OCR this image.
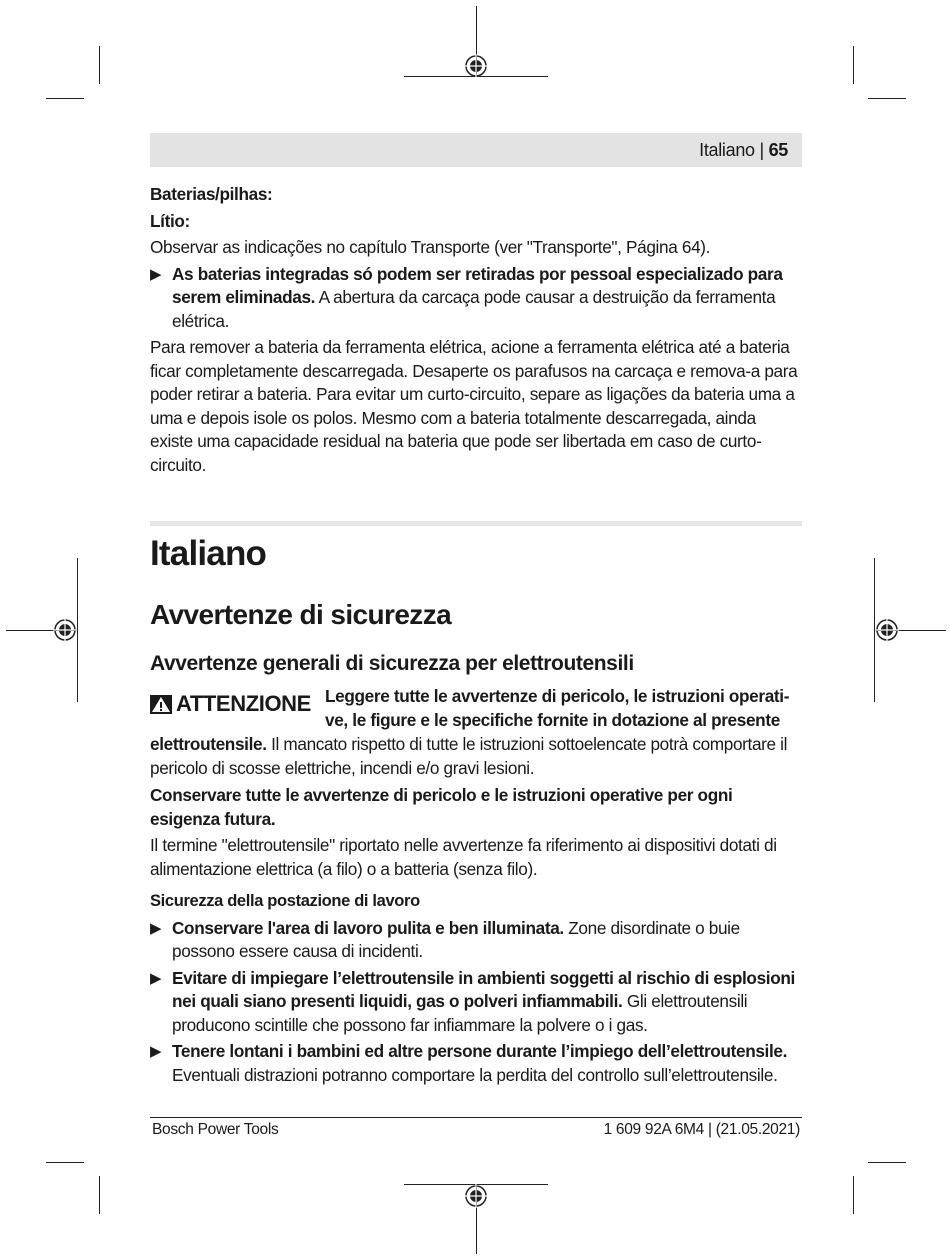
Italiano | 65

Baterias/pilhas:

Lítio:

Observar as indicações no capítulo Transporte (ver "Transporte", Página 64).

▶ As baterias integradas só podem ser retiradas por pessoal especializado para serem eliminadas. A abertura da carcaça pode causar a destruição da ferramenta elétrica.

Para remover a bateria da ferramenta elétrica, acione a ferramenta elétrica até a bateria ficar completamente descarregada. Desaperte os parafusos na carcaça e remova-a para poder retirar a bateria. Para evitar um curto-circuito, separe as ligações da bateria uma a uma e depois isole os polos. Mesmo com a bateria totalmente descarregada, ainda existe uma capacidade residual na bateria que pode ser libertada em caso de curto-circuito.

Italiano
Avvertenze di sicurezza
Avvertenze generali di sicurezza per elettroutensili
ATTENZIONE Leggere tutte le avvertenze di pericolo, le istruzioni operati-

ve, le figure e le specifiche fornite in dotazione al presente

elettroutensile. Il mancato rispetto di tutte le istruzioni sottoelencate potrà comportare il pericolo di scosse elettriche, incendi e/o gravi lesioni.

Conservare tutte le avvertenze di pericolo e le istruzioni operative per ogni esigenza futura.

Il termine "elettroutensile" riportato nelle avvertenze fa riferimento ai dispositivi dotati di alimentazione elettrica (a filo) o a batteria (senza filo).

Sicurezza della postazione di lavoro

▶ Conservare l'area di lavoro pulita e ben illuminata. Zone disordinate o buie possono essere causa di incidenti.

▶ Evitare di impiegare l’elettroutensile in ambienti soggetti al rischio di esplosioni nei quali siano presenti liquidi, gas o polveri infiammabili. Gli elettroutensili producono scintille che possono far infiammare la polvere o i gas.

▶ Tenere lontani i bambini ed altre persone durante l’impiego dell’elettroutensile. Eventuali distrazioni potranno comportare la perdita del controllo sull’elettroutensile.

Bosch Power Tools	1 609 92A 6M4 | (21.05.2021)
